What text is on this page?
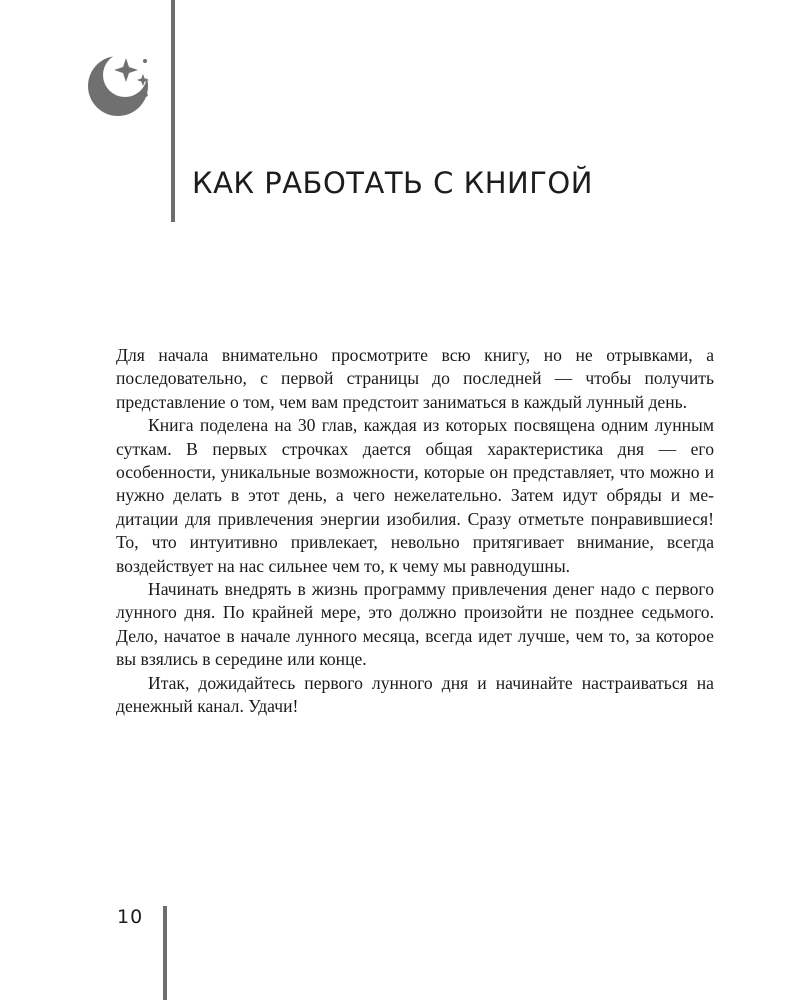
КАК РАБОТАТЬ С КНИГОЙ

Для начала внимательно просмотрите всю книгу, но не отрывками, а последовательно, с первой страницы до последней — чтобы получить представление о том, чем вам предстоит заниматься в каждый лунный день.

Книга поделена на 30 глав, каждая из которых посвящена одним лунным суткам. В первых строчках дается общая характеристика дня — его особенности, уникальные возможности, которые он представляет, что можно и нужно делать в этот день, а чего нежелательно. Затем идут обряды и медитации для привлечения энергии изобилия. Сразу отметьте понравившиеся! То, что интуитивно привлекает, невольно притягивает внимание, всегда воздействует на нас сильнее чем то, к чему мы равнодушны.

Начинать внедрять в жизнь программу привлечения денег надо с первого лунного дня. По крайней мере, это должно произойти не позднее седьмого. Дело, начатое в начале лунного месяца, всегда идет лучше, чем то, за которое вы взялись в середине или конце.

Итак, дожидайтесь первого лунного дня и начинайте настраиваться на денежный канал. Удачи!

10
